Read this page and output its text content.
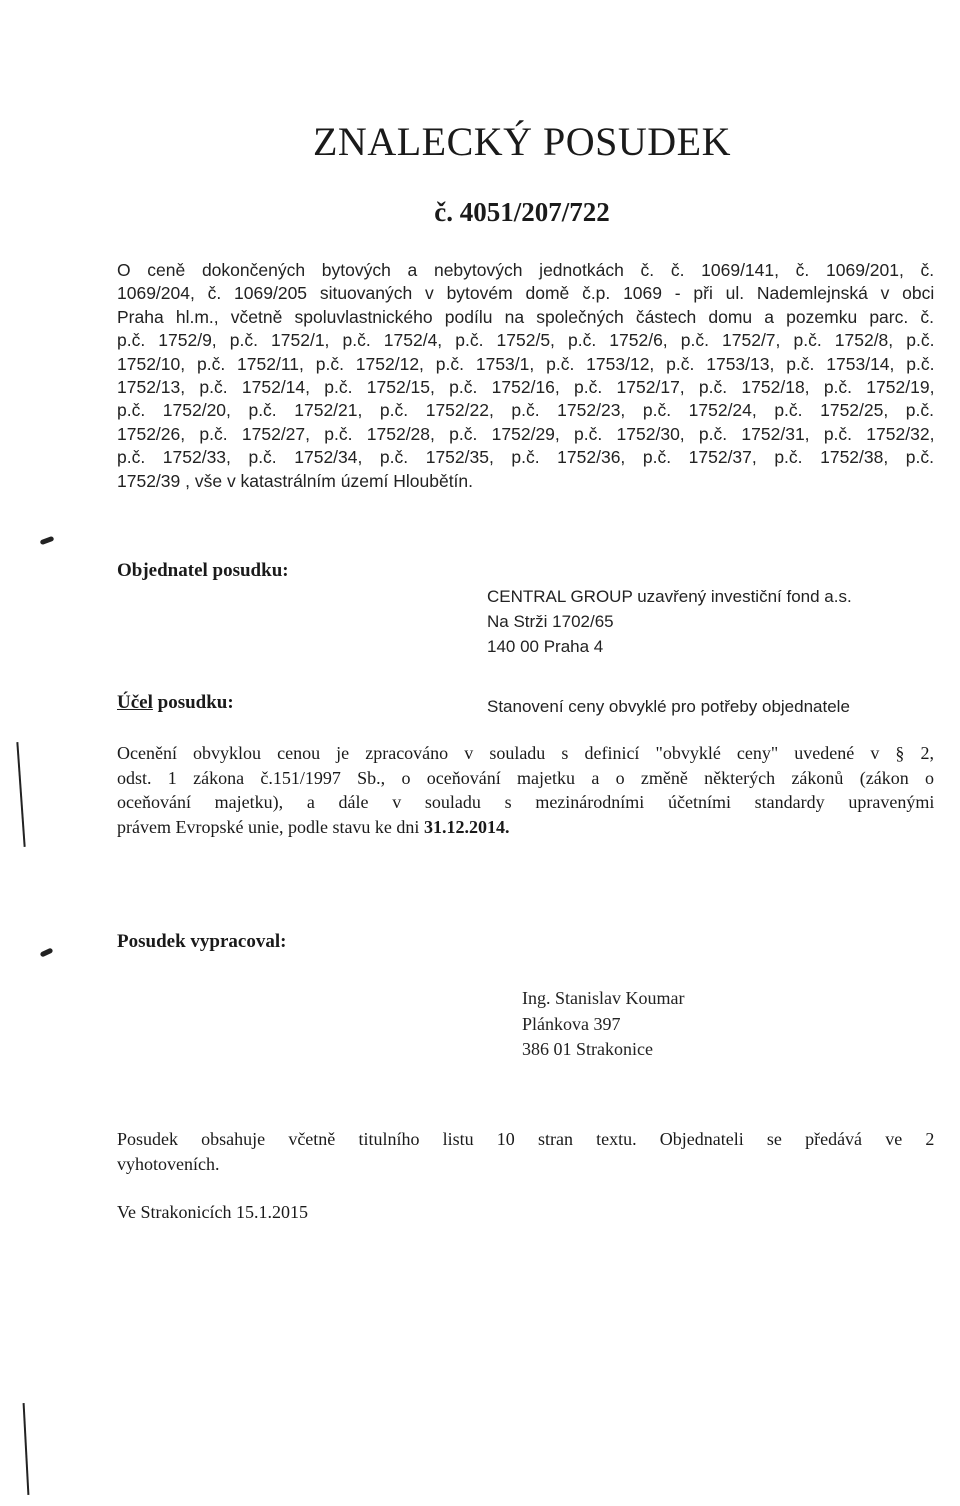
ZNALECKÝ POSUDEK
č. 4051/207/722
O ceně dokončených bytových a nebytových jednotkách č. č. 1069/141, č. 1069/201, č.
1069/204, č. 1069/205 situovaných v bytovém domě č.p. 1069 - při ul. Nademlejnská v obci
Praha hl.m., včetně spoluvlastnického podílu na společných částech domu a pozemku parc. č.
p.č. 1752/9, p.č. 1752/1, p.č. 1752/4, p.č. 1752/5, p.č. 1752/6, p.č. 1752/7, p.č. 1752/8, p.č.
1752/10, p.č. 1752/11, p.č. 1752/12, p.č. 1753/1, p.č. 1753/12, p.č. 1753/13, p.č. 1753/14, p.č.
1752/13, p.č. 1752/14, p.č. 1752/15, p.č. 1752/16, p.č. 1752/17, p.č. 1752/18, p.č. 1752/19,
p.č. 1752/20, p.č. 1752/21, p.č. 1752/22, p.č. 1752/23, p.č. 1752/24, p.č. 1752/25, p.č.
1752/26, p.č. 1752/27, p.č. 1752/28, p.č. 1752/29, p.č. 1752/30, p.č. 1752/31, p.č. 1752/32,
p.č. 1752/33, p.č. 1752/34, p.č. 1752/35, p.č. 1752/36, p.č. 1752/37, p.č. 1752/38, p.č.
1752/39 , vše v katastrálním území Hloubětín.
Objednatel posudku:
CENTRAL GROUP uzavřený investiční fond a.s.
Na Strži 1702/65
140 00 Praha 4
Účel posudku:	Stanovení ceny obvyklé pro potřeby objednatele
Ocenění obvyklou cenou je zpracováno v souladu s definicí "obvyklé ceny" uvedené v § 2,
odst. 1 zákona č.151/1997 Sb., o oceňování majetku a o změně některých zákonů (zákon o
oceňování majetku), a dále v souladu s mezinárodními účetními standardy upravenými
právem Evropské unie, podle stavu ke dni 31.12.2014.
Posudek vypracoval:
Ing. Stanislav Koumar
Plánkova 397
386 01 Strakonice
Posudek obsahuje včetně titulního listu 10 stran textu. Objednateli se předává ve 2
vyhotoveních.
Ve Strakonicích 15.1.2015
